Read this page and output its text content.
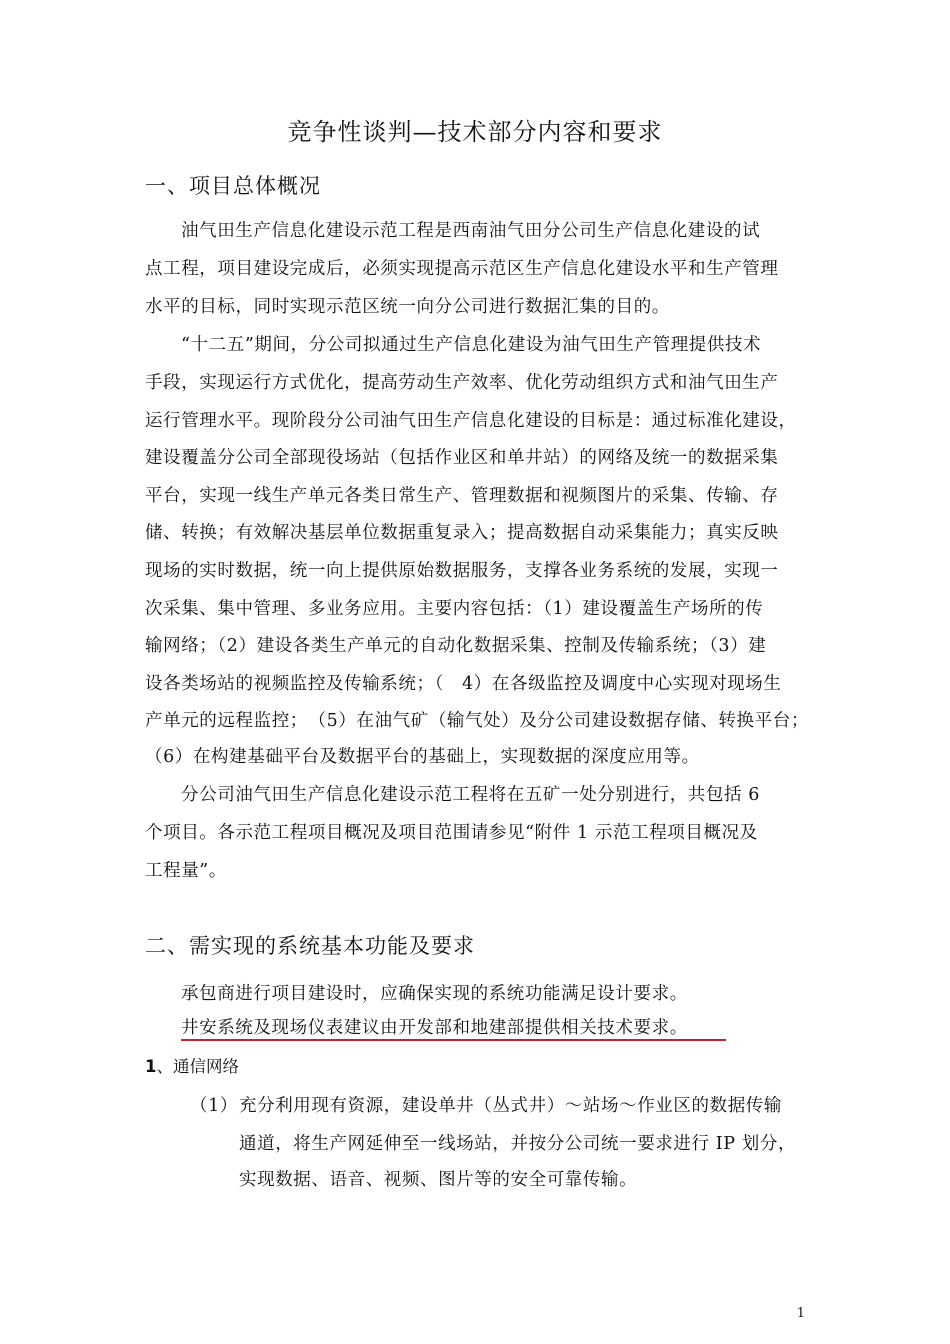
竞争性谈判—技术部分内容和要求
一、项目总体概况
油气田生产信息化建设示范工程是西南油气田分公司生产信息化建设的试
点工程，项目建设完成后，必须实现提高示范区生产信息化建设水平和生产管理
水平的目标，同时实现示范区统一向分公司进行数据汇集的目的。
“十二五”期间，分公司拟通过生产信息化建设为油气田生产管理提供技术
手段，实现运行方式优化，提高劳动生产效率、优化劳动组织方式和油气田生产
运行管理水平。现阶段分公司油气田生产信息化建设的目标是：通过标准化建设，
建设覆盖分公司全部现役场站（包括作业区和单井站）的网络及统一的数据采集
平台，实现一线生产单元各类日常生产、管理数据和视频图片的采集、传输、存
储、转换；有效解决基层单位数据重复录入；提高数据自动采集能力；真实反映
现场的实时数据，统一向上提供原始数据服务，支撑各业务系统的发展，实现一
次采集、集中管理、多业务应用。主要内容包括：（1）建设覆盖生产场所的传
输网络；（2）建设各类生产单元的自动化数据采集、控制及传输系统；（3）建
设各类场站的视频监控及传输系统；（　4）在各级监控及调度中心实现对现场生
产单元的远程监控；　（5）在油气矿（输气处）及分公司建设数据存储、转换平台；
（6）在构建基础平台及数据平台的基础上，实现数据的深度应用等。
分公司油气田生产信息化建设示范工程将在五矿一处分别进行，共包括 6
个项目。各示范工程项目概况及项目范围请参见“附件 1 示范工程项目概况及
工程量”。
二、需实现的系统基本功能及要求
承包商进行项目建设时，应确保实现的系统功能满足设计要求。
井安系统及现场仪表建议由开发部和地建部提供相关技术要求。
1、通信网络
（1） 充分利用现有资源，建设单井（丛式井）～站场～作业区的数据传输
通道，将生产网延伸至一线场站，并按分公司统一要求进行 IP 划分，
实现数据、语音、视频、图片等的安全可靠传输。
1
